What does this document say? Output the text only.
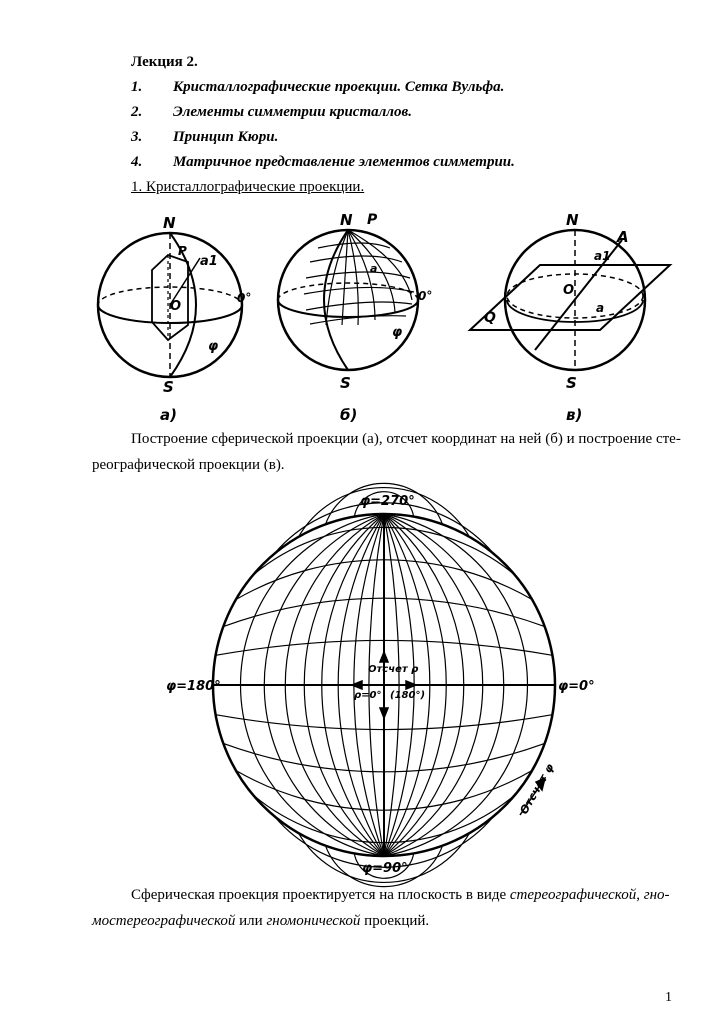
Лекция 2.
1. Кристаллографические проекции. Сетка Вульфа.
2. Элементы симметрии кристаллов.
3. Принцип Кюри.
4. Матричное представление элементов симметрии.
1. Кристаллографические проекции.
N
S
P
a1
O
0°
φ
а)
N
S
P
a
0°
φ
б)
N
S
A
a1
O
a
Q
в)
φ=270°
φ=90°
φ=180°	φ=0°
Отсчет ρ
ρ=0° (180°)
Отсчет φ
Построение сферической проекции (а), отсчет координат на ней (б) и построение сте-
реографической проекции (в).
Сферическая проекция проектируется на плоскость в виде стереографической, гно-
мостереографической или гномонической проекций.
1
